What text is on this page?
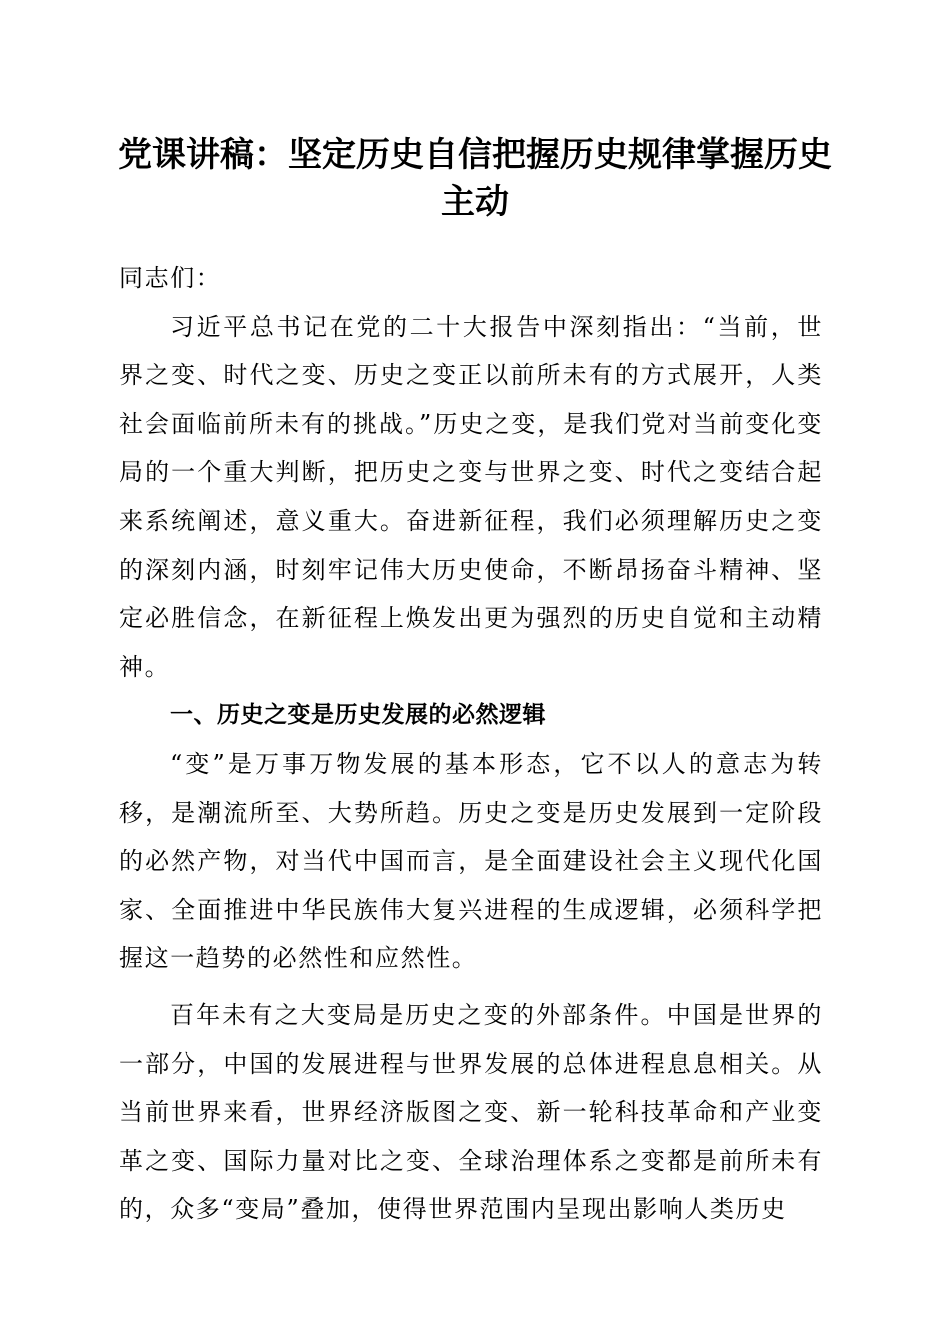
党课讲稿：坚定历史自信把握历史规律掌握历史主动

同志们：

习近平总书记在党的二十大报告中深刻指出：“当前，世界之变、时代之变、历史之变正以前所未有的方式展开，人类社会面临前所未有的挑战。”历史之变，是我们党对当前变化变局的一个重大判断，把历史之变与世界之变、时代之变结合起来系统阐述，意义重大。奋进新征程，我们必须理解历史之变的深刻内涵，时刻牢记伟大历史使命，不断昂扬奋斗精神、坚定必胜信念，在新征程上焕发出更为强烈的历史自觉和主动精神。

一、历史之变是历史发展的必然逻辑

“变”是万事万物发展的基本形态，它不以人的意志为转移，是潮流所至、大势所趋。历史之变是历史发展到一定阶段的必然产物，对当代中国而言，是全面建设社会主义现代化国家、全面推进中华民族伟大复兴进程的生成逻辑，必须科学把握这一趋势的必然性和应然性。

百年未有之大变局是历史之变的外部条件。中国是世界的一部分，中国的发展进程与世界发展的总体进程息息相关。从当前世界来看，世界经济版图之变、新一轮科技革命和产业变革之变、国际力量对比之变、全球治理体系之变都是前所未有的，众多“变局”叠加，使得世界范围内呈现出影响人类历史
